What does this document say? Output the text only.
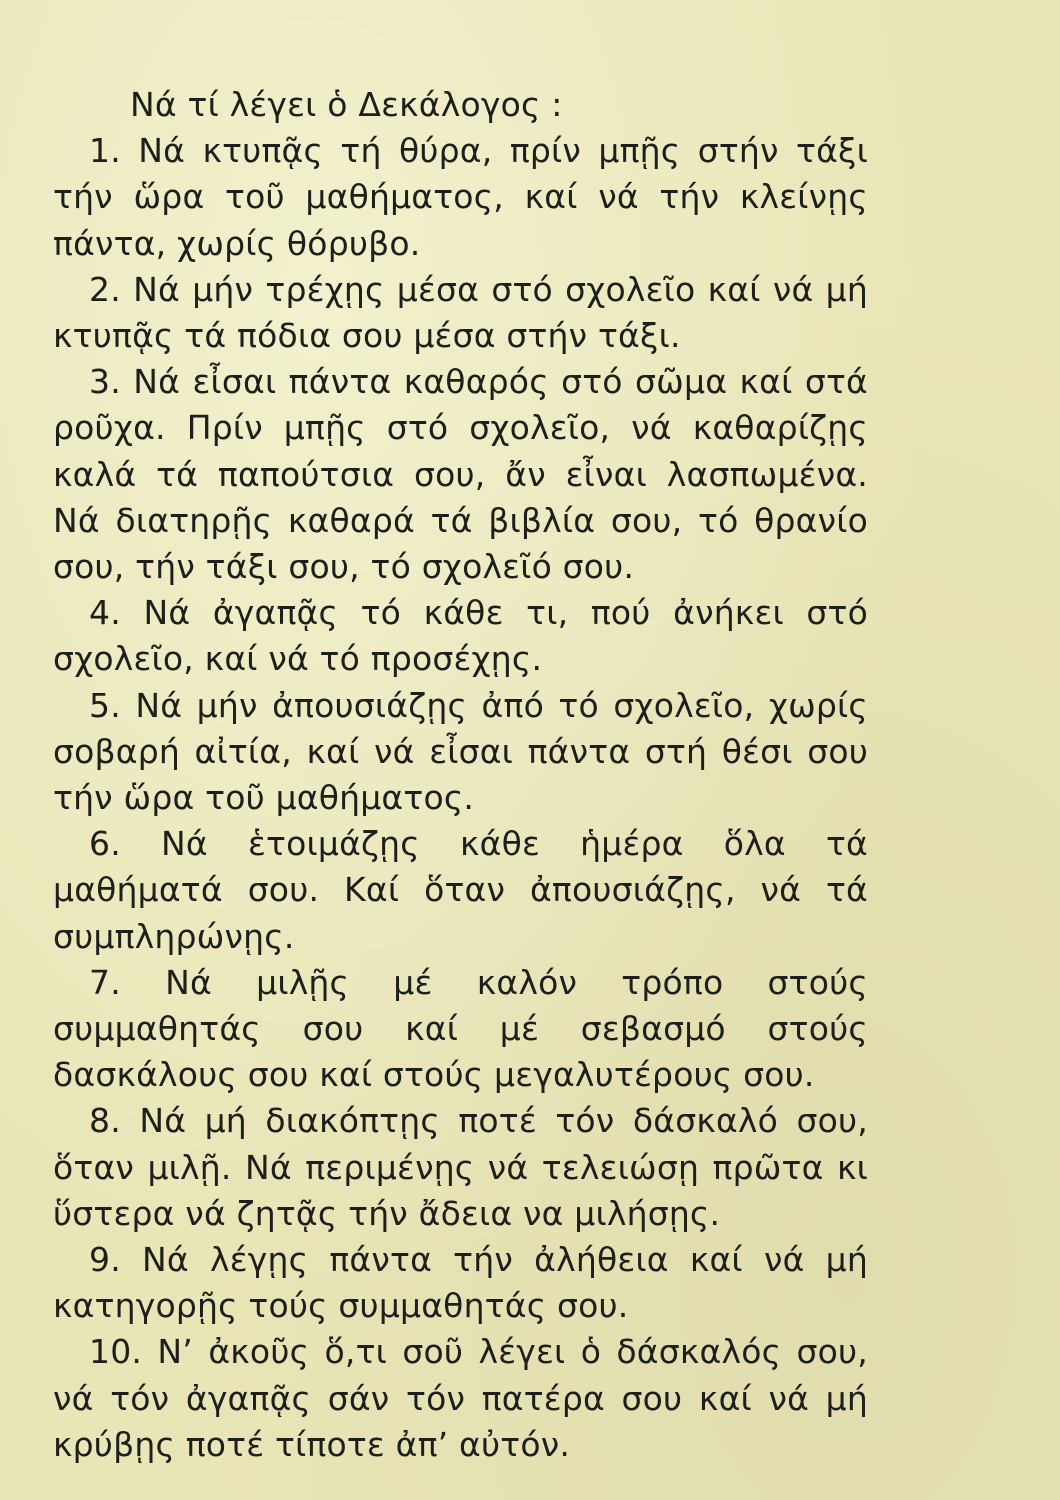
Νά τί λέγει ὁ Δεκάλογος :

1. Νά κτυπᾷς τή θύρα, πρίν μπῇς στήν τάξι τήν ὥρα τοῦ μαθήματος, καί νά τήν κλείνῃς πάντα, χωρίς θόρυβο.

2. Νά μήν τρέχῃς μέσα στό σχολεῖο καί νά μή κτυπᾷς τά πόδια σου μέσα στήν τάξι.

3. Νά εἶσαι πάντα καθαρός στό σῶμα καί στά ροῦχα. Πρίν μπῇς στό σχολεῖο, νά καθαρίζῃς καλά τά παπούτσια σου, ἄν εἶναι λασπωμένα. Νά διατηρῇς καθαρά τά βιβλία σου, τό θρανίο σου, τήν τάξι σου, τό σχολεῖό σου.

4. Νά ἀγαπᾷς τό κάθε τι, πού ἀνήκει στό σχολεῖο, καί νά τό προσέχῃς.

5. Νά μήν ἀπουσιάζῃς ἀπό τό σχολεῖο, χωρίς σοβαρή αἰτία, καί νά εἶσαι πάντα στή θέσι σου τήν ὥρα τοῦ μαθήματος.

6. Νά ἑτοιμάζῃς κάθε ἡμέρα ὅλα τά μαθήματά σου. Καί ὅταν ἀπουσιάζῃς, νά τά συμπληρώνῃς.

7. Νά μιλῇς μέ καλόν τρόπο στούς συμμαθητάς σου καί μέ σεβασμό στούς δασκάλους σου καί στούς μεγαλυτέρους σου.

8. Νά μή διακόπτῃς ποτέ τόν δάσκαλό σου, ὅταν μιλῇ. Νά περιμένῃς νά τελειώσῃ πρῶτα κι ὕστερα νά ζητᾷς τήν ἄδεια να μιλήσῃς.

9. Νά λέγῃς πάντα τήν ἀλήθεια καί νά μή κατηγορῇς τούς συμμαθητάς σου.

10. Ν’ ἀκοῦς ὅ,τι σοῦ λέγει ὁ δάσκαλός σου, νά τόν ἀγαπᾷς σάν τόν πατέρα σου καί νά μή κρύβῃς ποτέ τίποτε ἀπ’ αὐτόν.
